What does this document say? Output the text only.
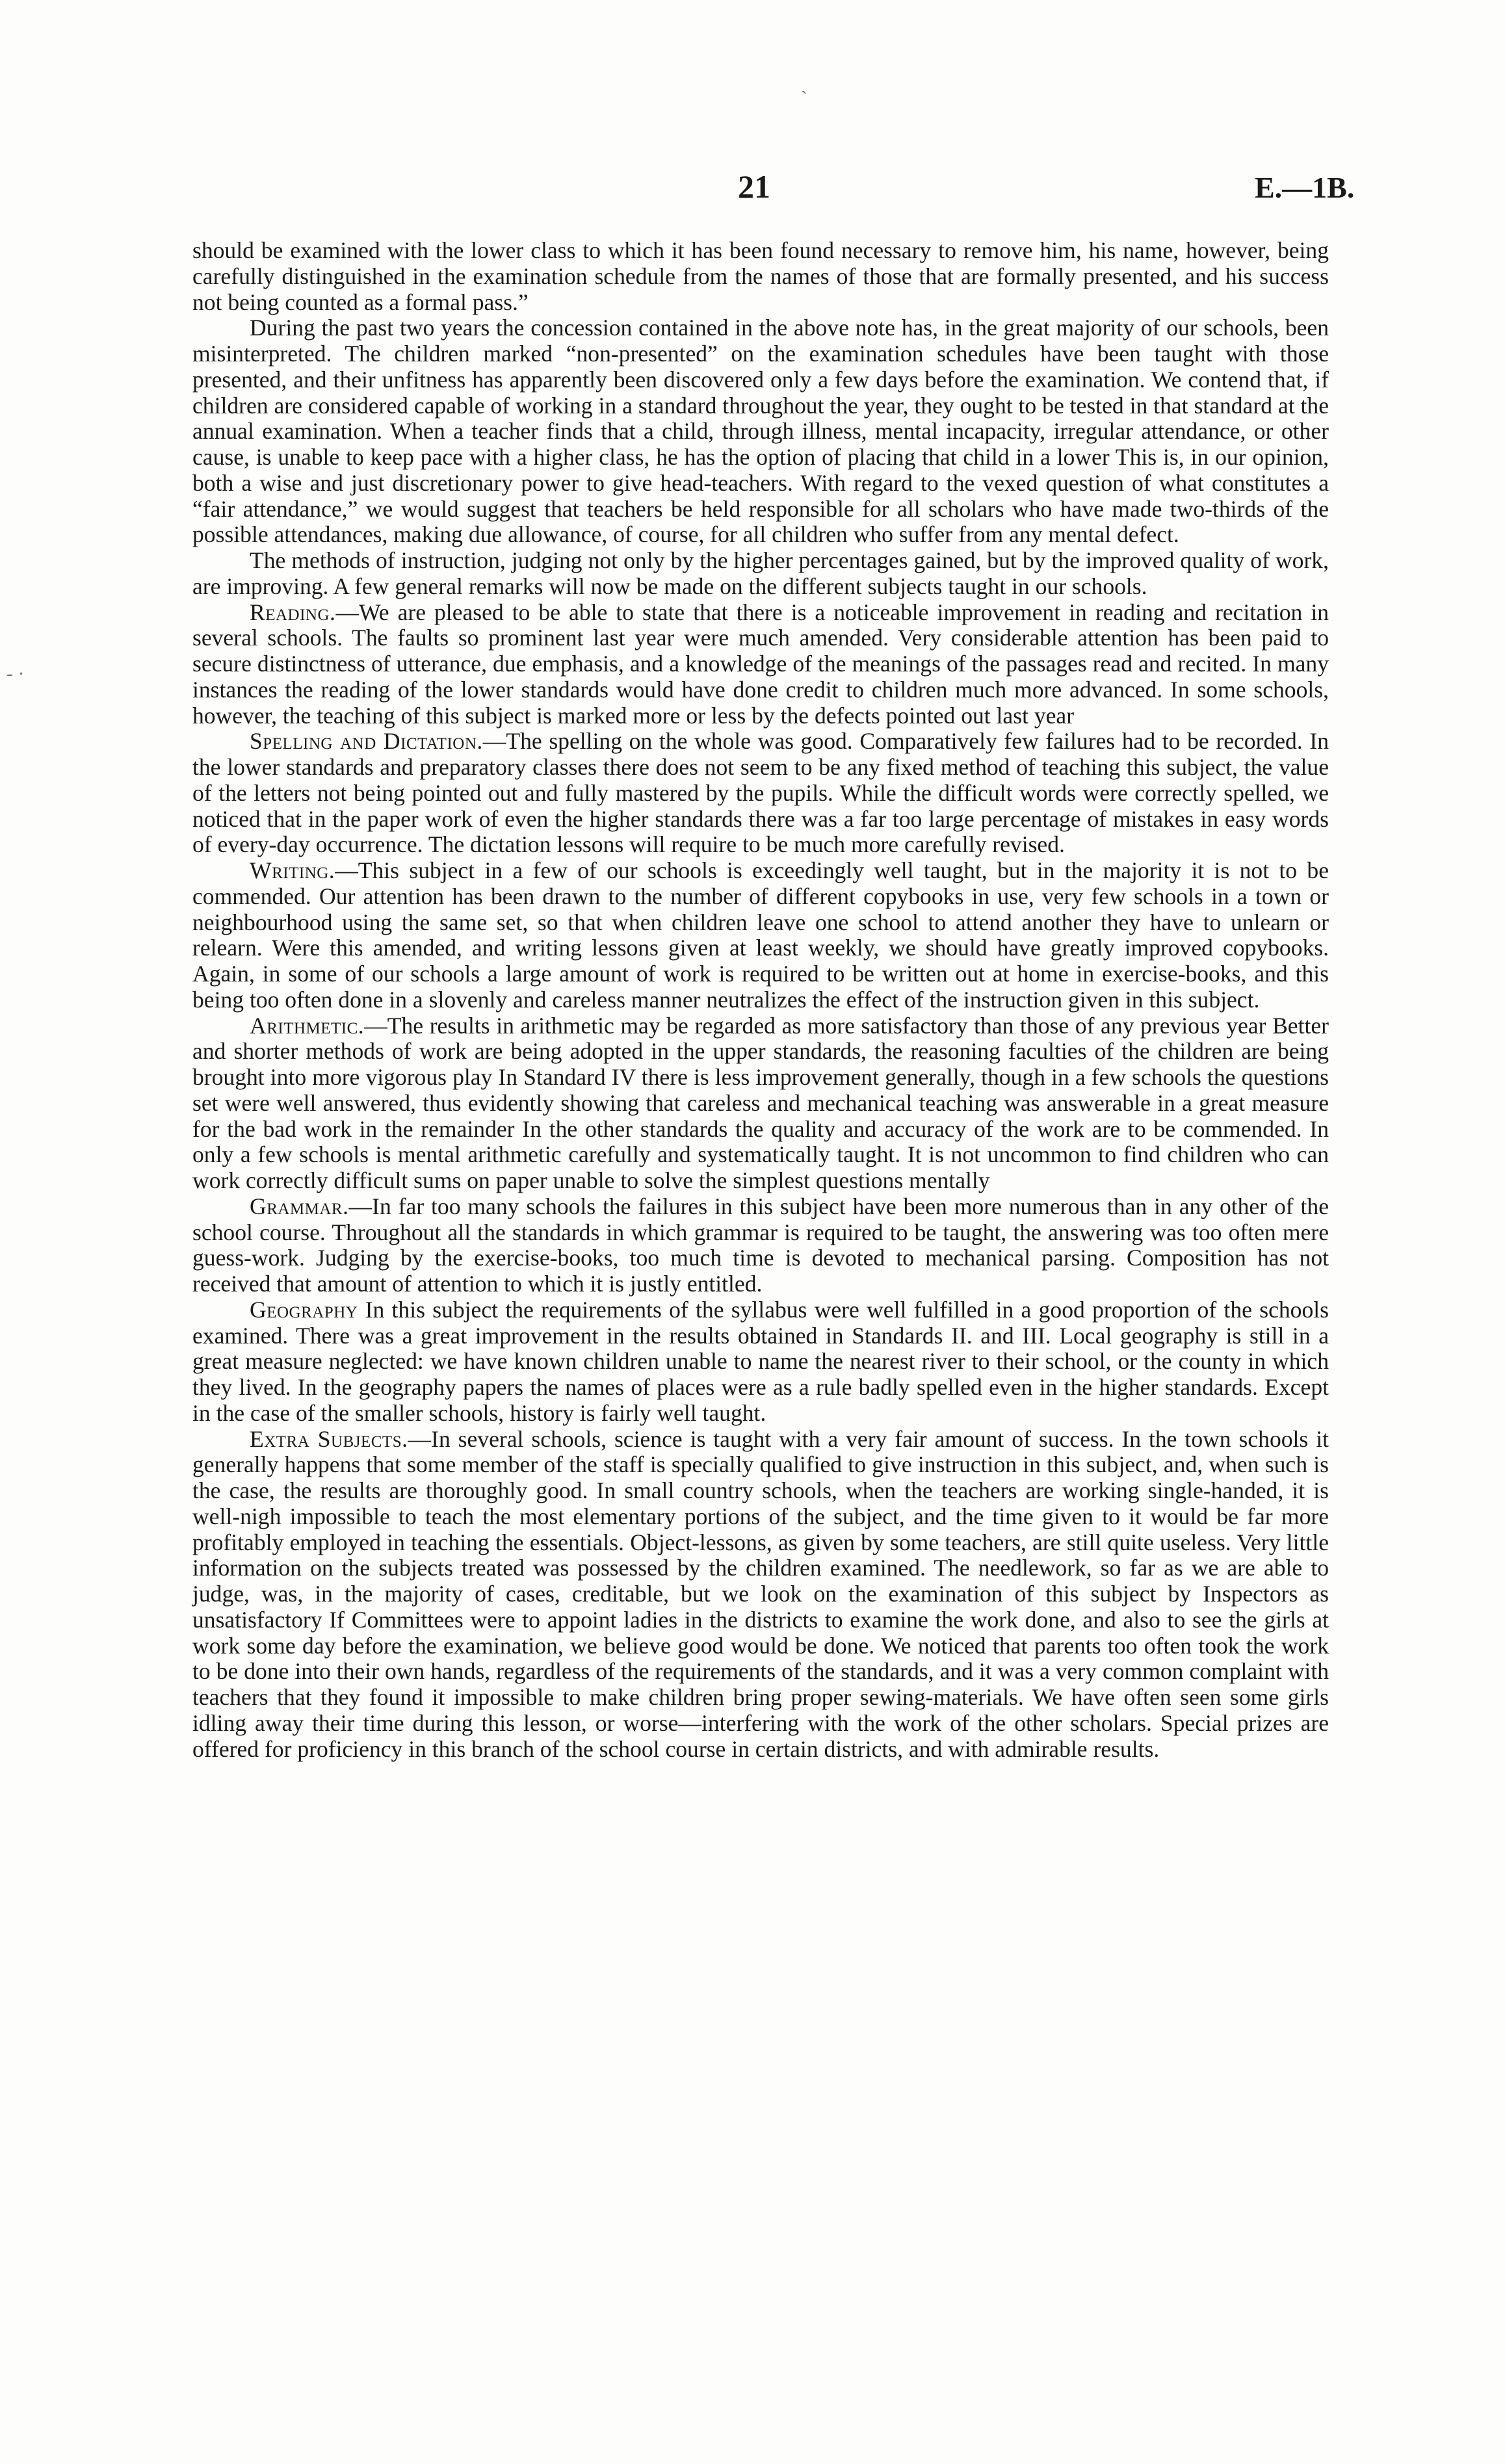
21	E.—1B.
ˏ
- ·

should be examined with the lower class to which it has been found necessary to remove him, his name, however, being carefully distinguished in the examination schedule from the names of those that are formally presented, and his success not being counted as a formal pass.”

During the past two years the concession contained in the above note has, in the great majority of our schools, been misinterpreted. The children marked “non-presented” on the examination schedules have been taught with those presented, and their unfitness has apparently been discovered only a few days before the examination. We contend that, if children are considered capable of working in a standard throughout the year, they ought to be tested in that standard at the annual examination. When a teacher finds that a child, through illness, mental incapacity, irregular attendance, or other cause, is unable to keep pace with a higher class, he has the option of placing that child in a lower This is, in our opinion, both a wise and just discretionary power to give head-teachers. With regard to the vexed question of what constitutes a “fair attendance,” we would suggest that teachers be held responsible for all scholars who have made two-thirds of the possible attendances, making due allowance, of course, for all children who suffer from any mental defect.

The methods of instruction, judging not only by the higher percentages gained, but by the improved quality of work, are improving. A few general remarks will now be made on the different subjects taught in our schools.

Reading.—We are pleased to be able to state that there is a noticeable improvement in reading and recitation in several schools. The faults so prominent last year were much amended. Very considerable attention has been paid to secure distinctness of utterance, due emphasis, and a knowledge of the meanings of the passages read and recited. In many instances the reading of the lower standards would have done credit to children much more advanced. In some schools, however, the teaching of this subject is marked more or less by the defects pointed out last year

Spelling and Dictation.—The spelling on the whole was good. Comparatively few failures had to be recorded. In the lower standards and preparatory classes there does not seem to be any fixed method of teaching this subject, the value of the letters not being pointed out and fully mastered by the pupils. While the difficult words were correctly spelled, we noticed that in the paper work of even the higher standards there was a far too large percentage of mistakes in easy words of every-day occurrence. The dictation lessons will require to be much more carefully revised.

Writing.—This subject in a few of our schools is exceedingly well taught, but in the majority it is not to be commended. Our attention has been drawn to the number of different copybooks in use, very few schools in a town or neighbourhood using the same set, so that when children leave one school to attend another they have to unlearn or relearn. Were this amended, and writing lessons given at least weekly, we should have greatly improved copybooks. Again, in some of our schools a large amount of work is required to be written out at home in exercise-books, and this being too often done in a slovenly and careless manner neutralizes the effect of the instruction given in this subject.

Arithmetic.—The results in arithmetic may be regarded as more satisfactory than those of any previous year Better and shorter methods of work are being adopted in the upper standards, the reasoning faculties of the children are being brought into more vigorous play In Standard IV there is less improvement generally, though in a few schools the questions set were well answered, thus evidently showing that careless and mechanical teaching was answerable in a great measure for the bad work in the remainder In the other standards the quality and accuracy of the work are to be commended. In only a few schools is mental arithmetic carefully and systematically taught. It is not uncommon to find children who can work correctly difficult sums on paper unable to solve the simplest questions mentally

Grammar.—In far too many schools the failures in this subject have been more numerous than in any other of the school course. Throughout all the standards in which grammar is required to be taught, the answering was too often mere guess-work. Judging by the exercise-books, too much time is devoted to mechanical parsing. Composition has not received that amount of attention to which it is justly entitled.

Geography In this subject the requirements of the syllabus were well fulfilled in a good proportion of the schools examined. There was a great improvement in the results obtained in Standards II. and III. Local geography is still in a great measure neglected: we have known children unable to name the nearest river to their school, or the county in which they lived. In the geography papers the names of places were as a rule badly spelled even in the higher standards. Except in the case of the smaller schools, history is fairly well taught.

Extra Subjects.—In several schools, science is taught with a very fair amount of success. In the town schools it generally happens that some member of the staff is specially qualified to give instruction in this subject, and, when such is the case, the results are thoroughly good. In small country schools, when the teachers are working single-handed, it is well-nigh impossible to teach the most elementary portions of the subject, and the time given to it would be far more profitably employed in teaching the essentials. Object-lessons, as given by some teachers, are still quite useless. Very little information on the subjects treated was possessed by the children examined. The needlework, so far as we are able to judge, was, in the majority of cases, creditable, but we look on the examination of this subject by Inspectors as unsatisfactory If Committees were to appoint ladies in the districts to examine the work done, and also to see the girls at work some day before the examination, we believe good would be done. We noticed that parents too often took the work to be done into their own hands, regardless of the requirements of the standards, and it was a very common complaint with teachers that they found it impossible to make children bring proper sewing-materials. We have often seen some girls idling away their time during this lesson, or worse—interfering with the work of the other scholars. Special prizes are offered for proficiency in this branch of the school course in certain districts, and with admirable results.
